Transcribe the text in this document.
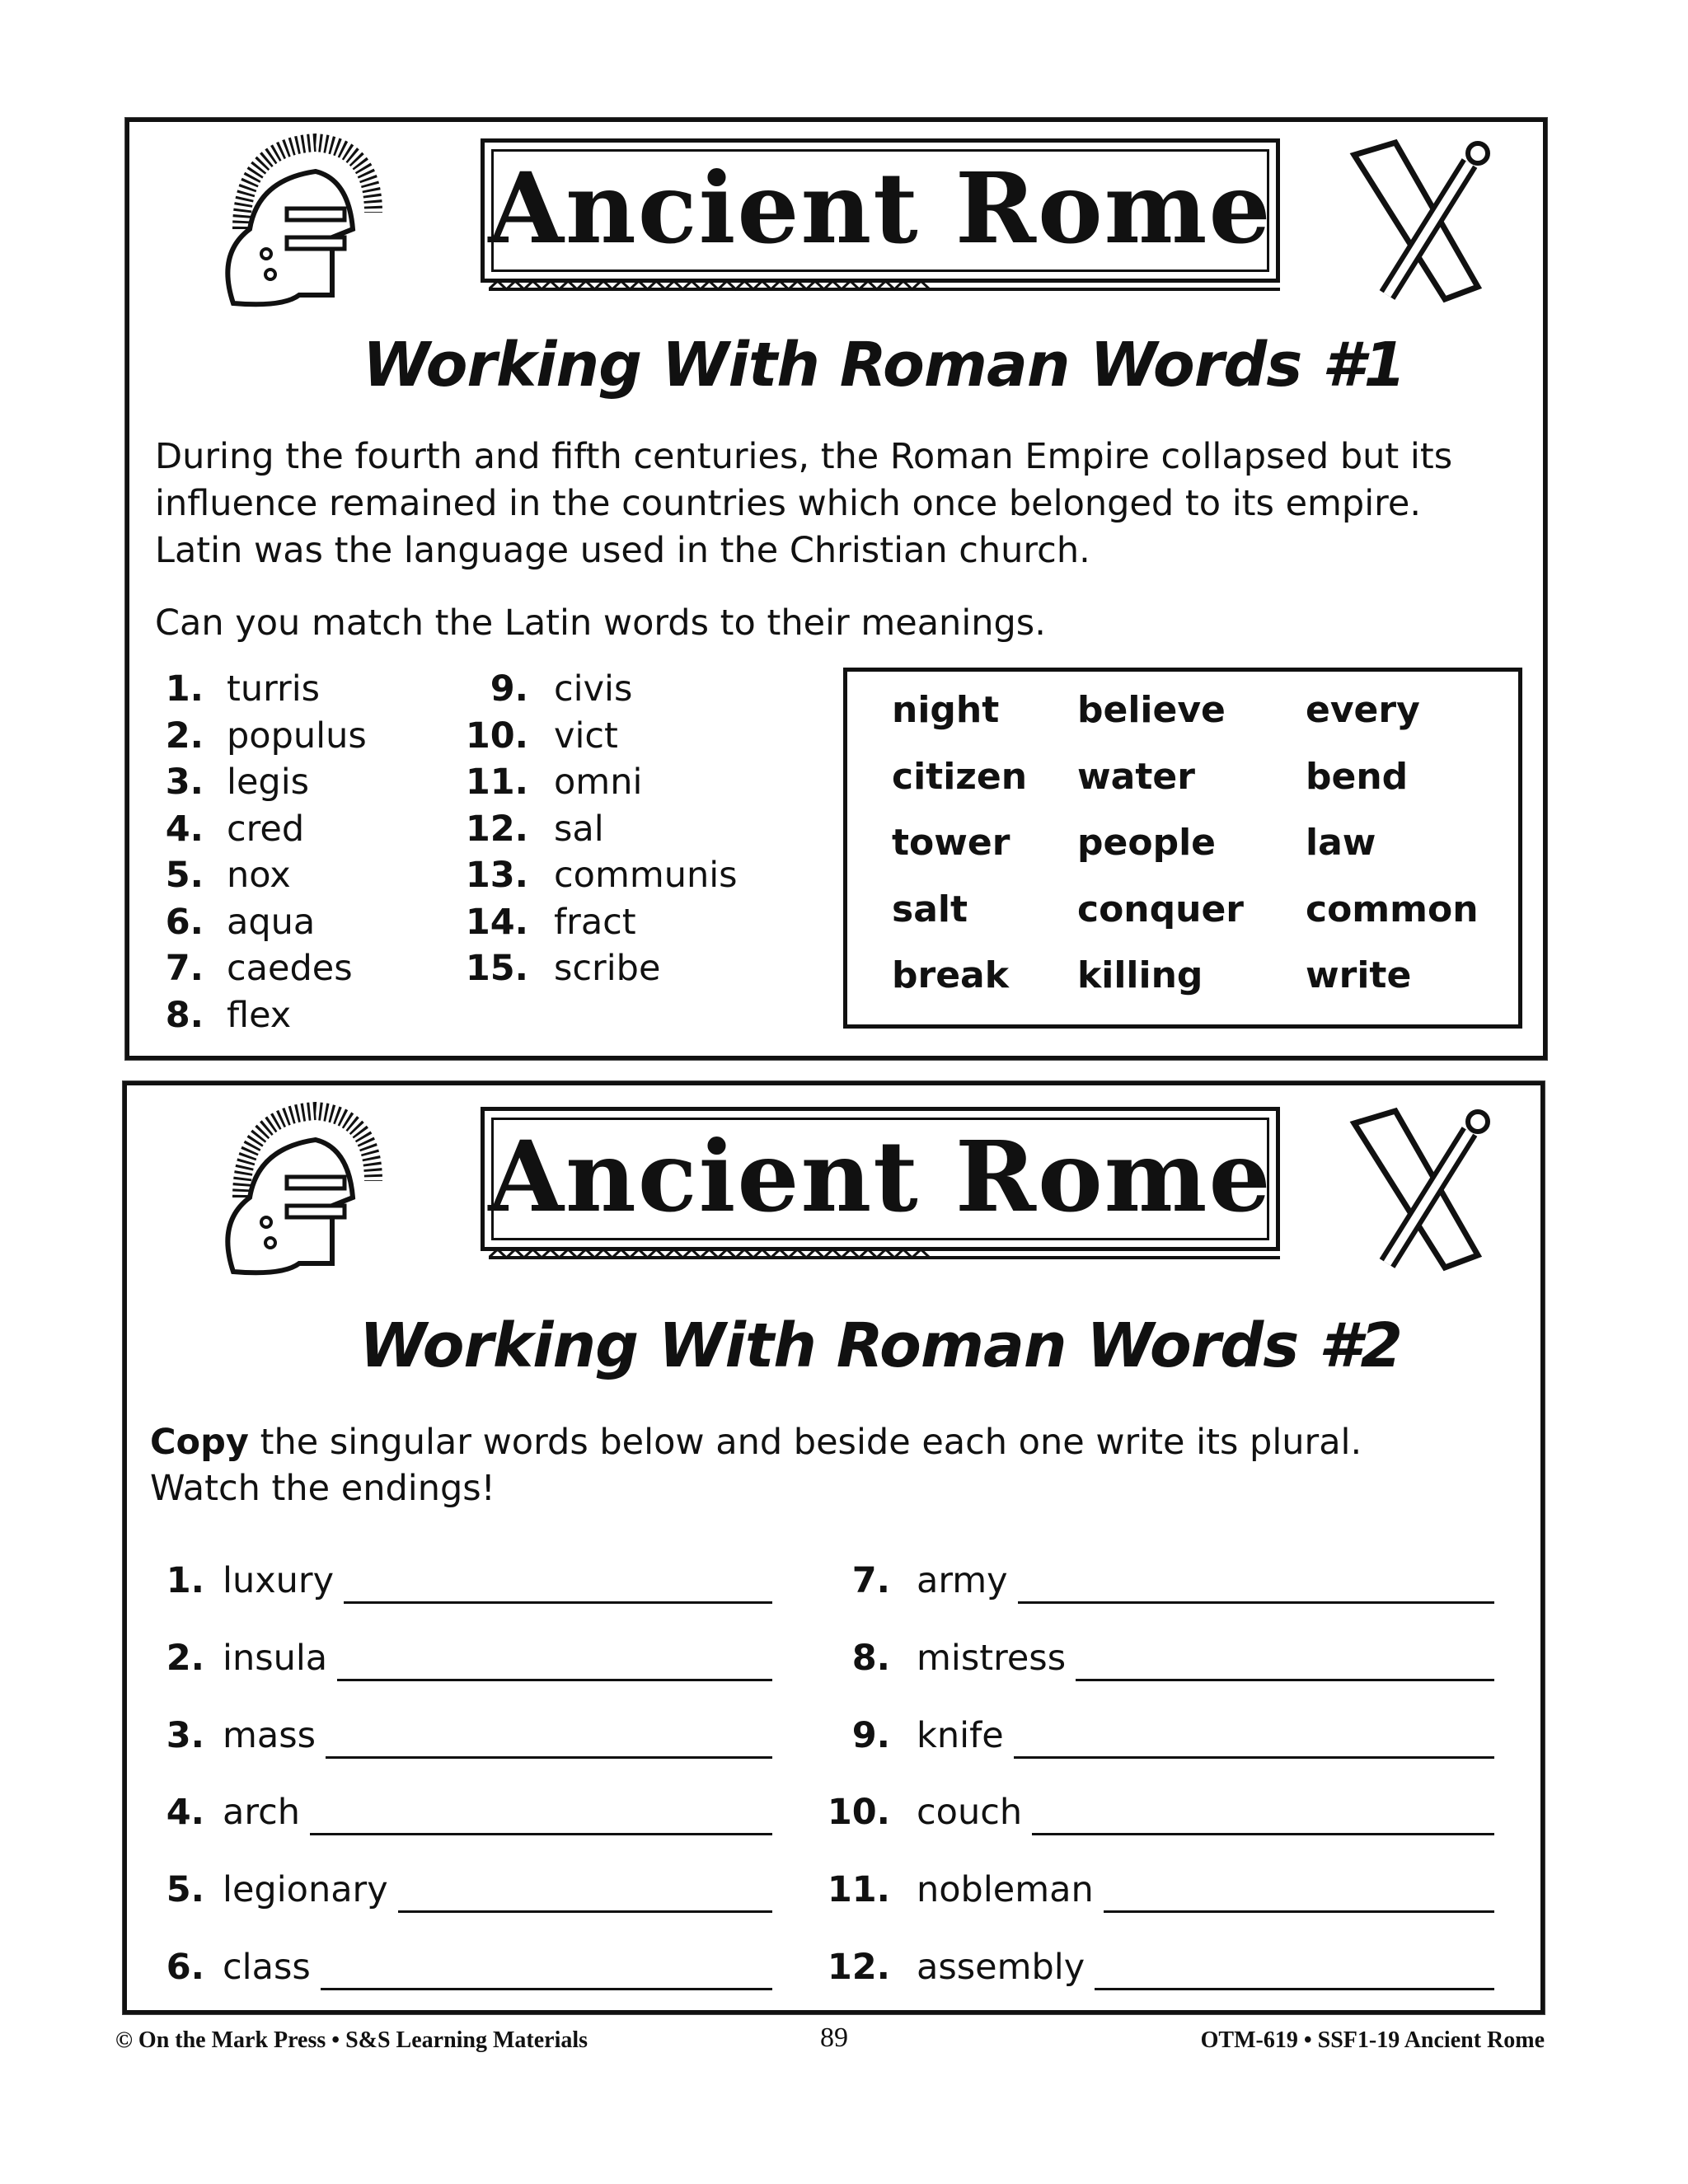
Ancient Rome
Working With Roman Words #1
During the fourth and fifth centuries, the Roman Empire collapsed but its
influence remained in the countries which once belonged to its empire.
Latin was the language used in the Christian church.
Can you match the Latin words to their meanings.
1. turris
2. populus
3. legis
4. cred
5. nox
6. aqua
7. caedes
8. flex
9. civis
10. vict
11. omni
12. sal
13. communis
14. fract
15. scribe
night believe every
citizen water	bend
tower people law
salt	conquer common
break killing	write
Ancient Rome
Working With Roman Words #2
Copy the singular words below and beside each one write its plural.
Watch the endings!
1. luxury
2. insula
3. mass
4. arch
5. legionary
6. class
7. army
8. mistress
9. knife
10. couch
11. nobleman
12. assembly
© On the Mark Press • S&S Learning Materials	89	OTM-619 • SSF1-19 Ancient Rome
